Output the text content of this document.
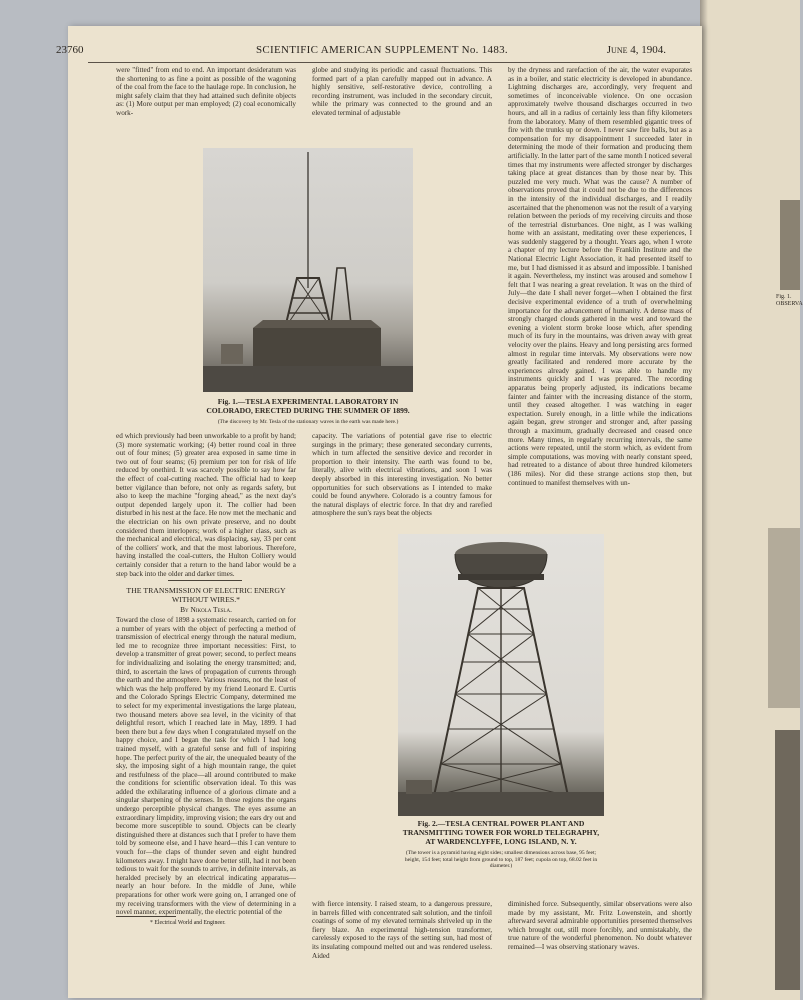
Fig. 1. OBSERVA
23760	SCIENTIFIC AMERICAN SUPPLEMENT No. 1483.	June 4, 1904.
were "fitted" from end to end. An important desideratum was the shortening to as fine a point as possible of the wagoning of the coal from the face to the haulage rope. In conclusion, he might safely claim that they had attained such definite objects as: (1) More output per man employed; (2) coal economically work-
globe and studying its periodic and casual fluctuations. This formed part of a plan carefully mapped out in advance. A highly sensitive, self-restorative device, controlling a recording instrument, was included in the secondary circuit, while the primary was connected to the ground and an elevated terminal of adjustable
by the dryness and rarefaction of the air, the water evaporates as in a boiler, and static electricity is developed in abundance. Lightning discharges are, accordingly, very frequent and sometimes of inconceivable violence. On one occasion approximately twelve thousand discharges occurred in two hours, and all in a radius of certainly less than fifty kilometers from the laboratory. Many of them resembled gigantic trees of fire with the trunks up or down. I never saw fire balls, but as a compensation for my disappointment I succeeded later in determining the mode of their formation and producing them artificially. In the latter part of the same month I noticed several times that my instruments were affected stronger by discharges taking place at great distances than by those near by. This puzzled me very much. What was the cause? A number of observations proved that it could not be due to the differences in the intensity of the individual discharges, and I readily ascertained that the phenomenon was not the result of a varying relation between the periods of my receiving circuits and those of the terrestrial disturbances. One night, as I was walking home with an assistant, meditating over these experiences, I was suddenly staggered by a thought. Years ago, when I wrote a chapter of my lecture before the Franklin Institute and the National Electric Light Association, it had presented itself to me, but I had dismissed it as absurd and impossible. I banished it again. Nevertheless, my instinct was aroused and somehow I felt that I was nearing a great revelation. It was on the third of July—the date I shall never forget—when I obtained the first decisive experimental evidence of a truth of overwhelming importance for the advancement of humanity. A dense mass of strongly charged clouds gathered in the west and toward the evening a violent storm broke loose which, after spending much of its fury in the mountains, was driven away with great velocity over the plains. Heavy and long persisting arcs formed almost in regular time intervals. My observations were now greatly facilitated and rendered more accurate by the experiences already gained. I was able to handle my instruments quickly and I was prepared. The recording apparatus being properly adjusted, its indications became fainter and fainter with the increasing distance of the storm, until they ceased altogether. I was watching in eager expectation. Surely enough, in a little while the indications again began, grew stronger and stronger and, after passing through a maximum, gradually decreased and ceased once more. Many times, in regularly recurring intervals, the same actions were repeated, until the storm which, as evident from simple computations, was moving with nearly constant speed, had retreated to a distance of about three hundred kilometers (186 miles). Nor did these strange actions stop then, but continued to manifest themselves with un-
Fig. 1.—TESLA EXPERIMENTAL LABORATORY IN COLORADO, ERECTED DURING THE SUMMER OF 1899.
(The discovery by Mr. Tesla of the stationary waves in the earth was made here.)
ed which previously had been unworkable to a profit by hand; (3) more systematic working; (4) better round coal in three out of four mines; (5) greater area exposed in same time in two out of four seams; (6) premium per ton for risk of life reduced by onethird. It was scarcely possible to say how far the effect of coal-cutting reached. The official had to keep better vigilance than before, not only as regards safety, but also to keep the machine "forging ahead," as the next day's output depended largely upon it. The collier had been disturbed in his nest at the face. He now met the mechanic and the electrician on his own private preserve, and no doubt considered them interlopers; work of a higher class, such as the mechanical and electrical, was displacing, say, 33 per cent of the colliers' work, and that the most laborious. Therefore, having installed the coal-cutters, the Hulton Colliery would certainly consider that a return to the hand labor would be a step back into the older and darker times.
capacity. The variations of potential gave rise to electric surgings in the primary; these generated secondary currents, which in turn affected the sensitive device and recorder in proportion to their intensity. The earth was found to be, literally, alive with electrical vibrations, and soon I was deeply absorbed in this interesting investigation. No better opportunities for such observations as I intended to make could be found anywhere. Colorado is a country famous for the natural displays of electric force. In that dry and rarefied atmosphere the sun's rays beat the objects
THE TRANSMISSION OF ELECTRIC ENERGY WITHOUT WIRES.*
By Nikola Tesla.
Toward the close of 1898 a systematic research, carried on for a number of years with the object of perfecting a method of transmission of electrical energy through the natural medium, led me to recognize three important necessities: First, to develop a transmitter of great power; second, to perfect means for individualizing and isolating the energy transmitted; and, third, to ascertain the laws of propagation of currents through the earth and the atmosphere. Various reasons, not the least of which was the help proffered by my friend Leonard E. Curtis and the Colorado Springs Electric Company, determined me to select for my experimental investigations the large plateau, two thousand meters above sea level, in the vicinity of that delightful resort, which I reached late in May, 1899. I had been there but a few days when I congratulated myself on the happy choice, and I began the task for which I had long trained myself, with a grateful sense and full of inspiring hope. The perfect purity of the air, the unequaled beauty of the sky, the imposing sight of a high mountain range, the quiet and restfulness of the place—all around contributed to make the conditions for scientific observation ideal. To this was added the exhilarating influence of a glorious climate and a singular sharpening of the senses. In those regions the organs undergo perceptible physical changes. The eyes assume an extraordinary limpidity, improving vision; the ears dry out and become more susceptible to sound. Objects can be clearly distinguished there at distances such that I prefer to have them told by someone else, and I have heard—this I can venture to vouch for—the claps of thunder seven and eight hundred kilometers away. I might have done better still, had it not been tedious to wait for the sounds to arrive, in definite intervals, as heralded precisely by an electrical indicating apparatus—nearly an hour before. In the middle of June, while preparations for other work were going on, I arranged one of my receiving transformers with the view of determining in a novel manner, experimentally, the electric potential of the
* Electrical World and Engineer.
Fig. 2.—TESLA CENTRAL POWER PLANT AND TRANSMITTING TOWER FOR WORLD TELEGRAPHY, AT WARDENCLYFFE, LONG ISLAND, N. Y.
(The tower is a pyramid having eight sides; smallest dimensions across base, 95 feet; height, 154 feet; total height from ground to top, 187 feet; cupola on top, 68.02 feet in diameter.)
with fierce intensity. I raised steam, to a dangerous pressure, in barrels filled with concentrated salt solution, and the tinfoil coatings of some of my elevated terminals shriveled up in the fiery blaze. An experimental high-tension transformer, carelessly exposed to the rays of the setting sun, had most of its insulating compound melted out and was rendered useless. Aided
diminished force. Subsequently, similar observations were also made by my assistant, Mr. Fritz Lowenstein, and shortly afterward several admirable opportunities presented themselves which brought out, still more forcibly, and unmistakably, the true nature of the wonderful phenomenon. No doubt whatever remained—I was observing stationary waves.
